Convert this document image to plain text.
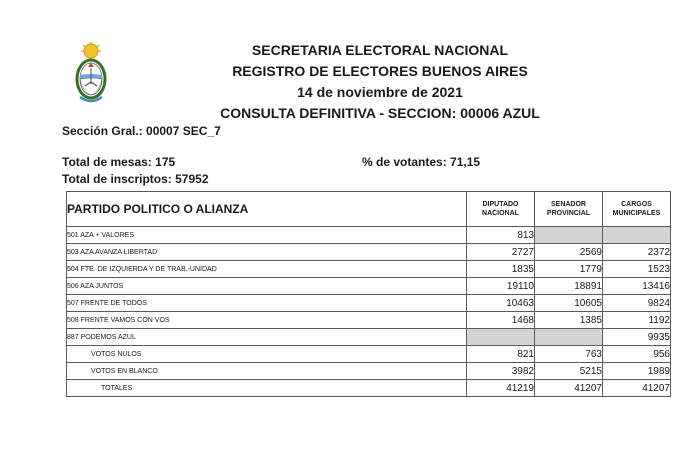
SECRETARIA ELECTORAL NACIONAL
REGISTRO DE ELECTORES BUENOS AIRES
14 de noviembre de 2021
CONSULTA DEFINITIVA - SECCION: 00006 AZUL
Sección Gral.: 00007 SEC_7
Total de mesas: 175	% de votantes: 71,15
Total de inscriptos: 57952
PARTIDO POLITICO O ALIANZA	DIPUTADO NACIONAL	SENADOR PROVINCIAL	CARGOS MUNICIPALES
501 AZA + VALORES	813		
503 AZA AVANZA LIBERTAD	2727	2569	2372
504 FTE. DE IZQUIERDA Y DE TRAB.-UNIDAD	1835	1779	1523
506 AZA JUNTOS	19110	18891	13416
507 FRENTE DE TODOS	10463	10605	9824
508 FRENTE VAMOS CON VOS	1468	1385	1192
887 PODEMOS AZUL			9935
VOTOS NULOS	821	763	956
VOTOS EN BLANCO	3982	5215	1989
TOTALES	41219	41207	41207
